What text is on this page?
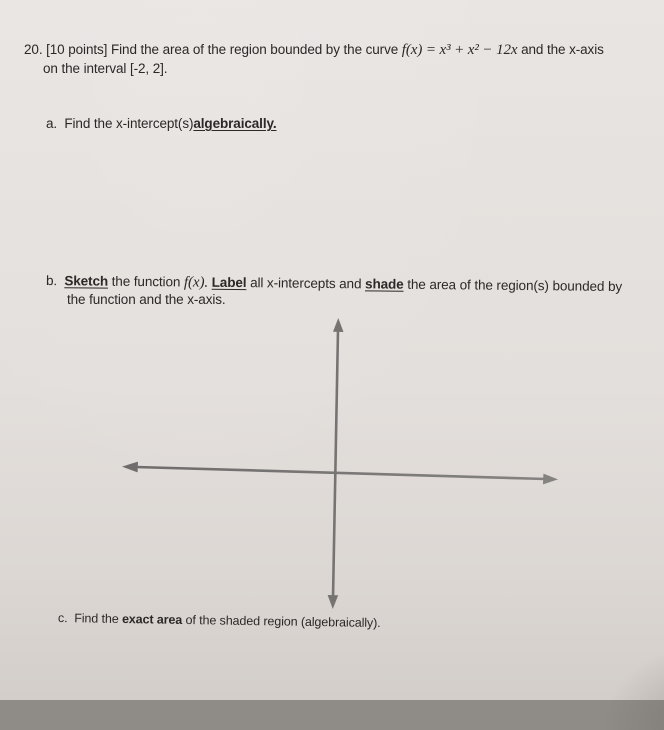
20. [10 points] Find the area of the region bounded by the curve f(x) = x³ + x² − 12x and the x-axis

on the interval [-2, 2].

a. Find the x-intercept(s)algebraically.

b. Sketch the function f(x). Label all x-intercepts and shade the area of the region(s) bounded by

the function and the x-axis.

c. Find the exact area of the shaded region (algebraically).
